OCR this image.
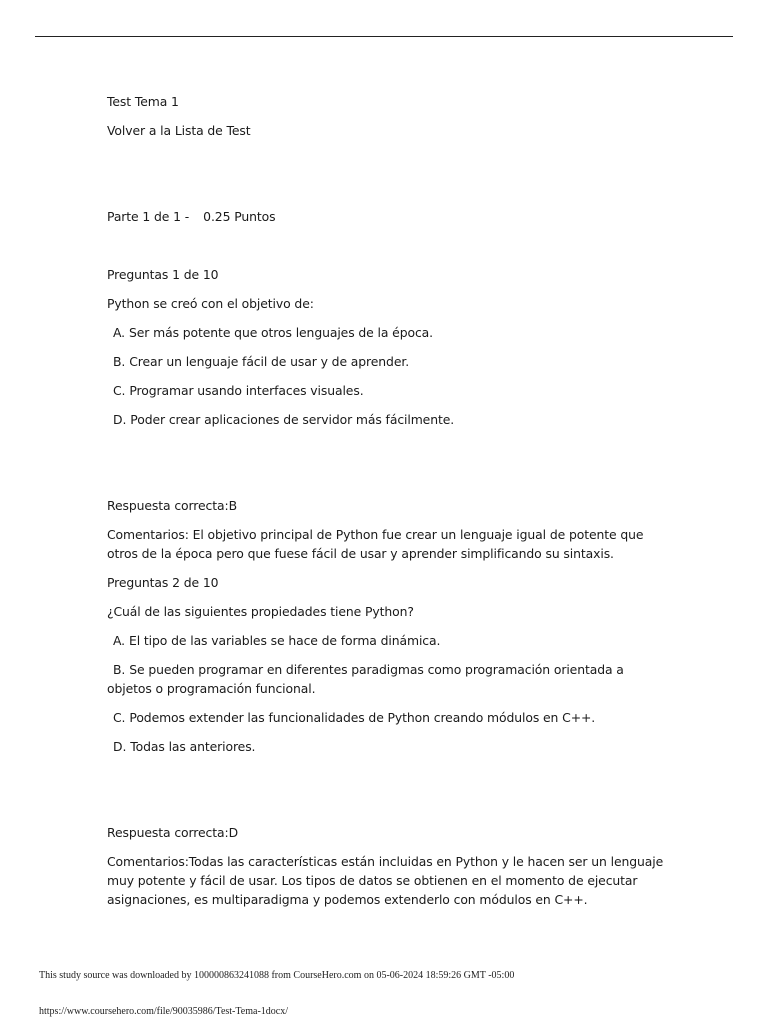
Test Tema 1

Volver a la Lista de Test

Parte 1 de 1 - 0.25 Puntos

Preguntas 1 de 10

Python se creó con el objetivo de:

A. Ser más potente que otros lenguajes de la época.

B. Crear un lenguaje fácil de usar y de aprender.

C. Programar usando interfaces visuales.

D. Poder crear aplicaciones de servidor más fácilmente.

Respuesta correcta:B

Comentarios: El objetivo principal de Python fue crear un lenguaje igual de potente que otros de la época pero que fuese fácil de usar y aprender simplificando su sintaxis.

Preguntas 2 de 10

¿Cuál de las siguientes propiedades tiene Python?

A. El tipo de las variables se hace de forma dinámica.

B. Se pueden programar en diferentes paradigmas como programación orientada a objetos o programación funcional.

C. Podemos extender las funcionalidades de Python creando módulos en C++.

D. Todas las anteriores.

Respuesta correcta:D

Comentarios:Todas las características están incluidas en Python y le hacen ser un lenguaje muy potente y fácil de usar. Los tipos de datos se obtienen en el momento de ejecutar asignaciones, es multiparadigma y podemos extenderlo con módulos en C++.

This study source was downloaded by 100000863241088 from CourseHero.com on 05-06-2024 18:59:26 GMT -05:00
https://www.coursehero.com/file/90035986/Test-Tema-1docx/
